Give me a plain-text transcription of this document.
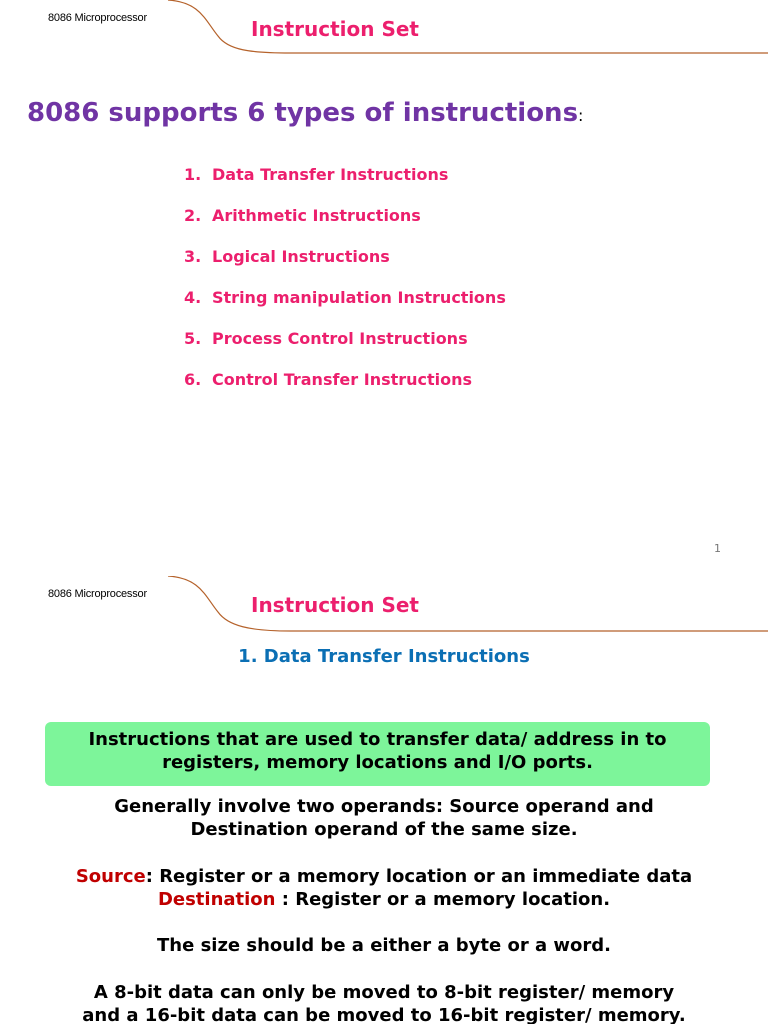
8086 Microprocessor	Instruction Set
8086 supports 6 types of instructions:
1. Data Transfer Instructions
2. Arithmetic Instructions
3. Logical Instructions
4. String manipulation Instructions
5. Process Control Instructions
6. Control Transfer Instructions
1
8086 Microprocessor	Instruction Set
1. Data Transfer Instructions
Instructions that are used to transfer data/ address in to registers, memory locations and I/O ports.
Generally involve two operands: Source operand and Destination operand of the same size.
Source: Register or a memory location or an immediate data
Destination : Register or a memory location.
The size should be a either a byte or a word.
A 8-bit data can only be moved to 8-bit register/ memory
and a 16-bit data can be moved to 16-bit register/ memory.
